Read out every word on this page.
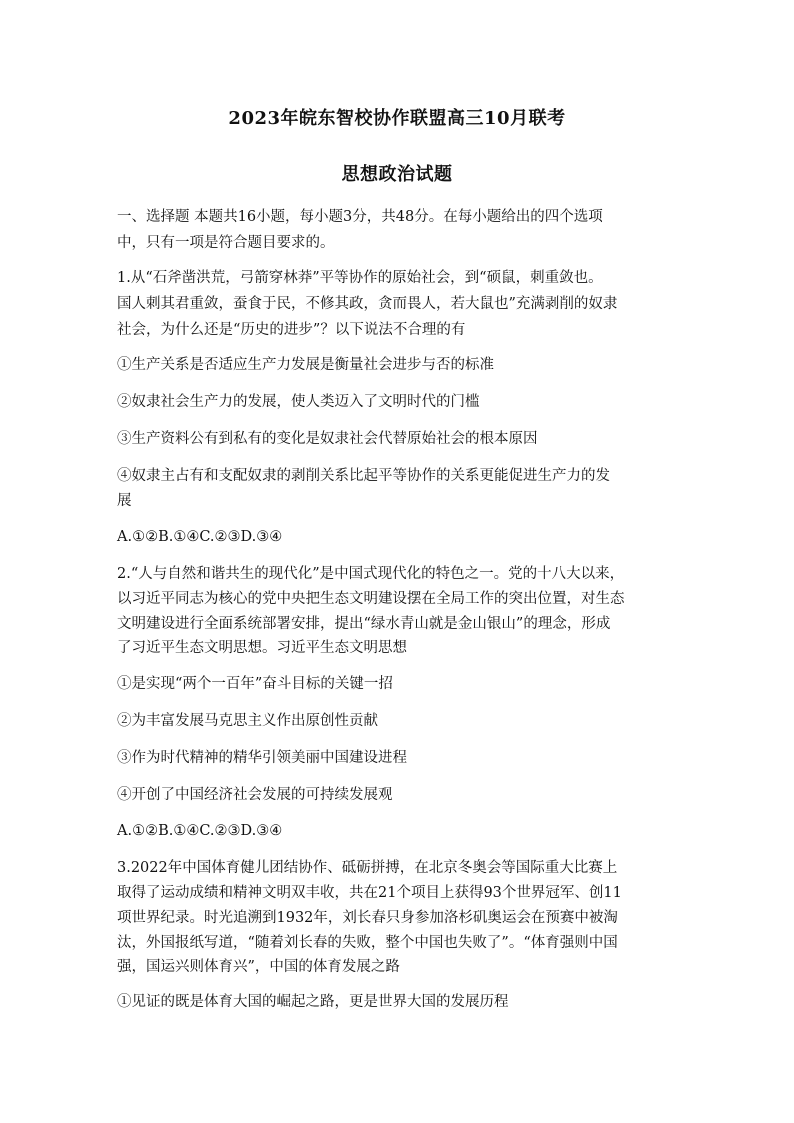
2023年皖东智校协作联盟高三10月联考
思想政治试题
一、选择题 本题共16小题，每小题3分，共48分。在每小题给出的四个选项
中，只有一项是符合题目要求的。
1.从“石斧凿洪荒，弓箭穿林莽”平等协作的原始社会，到“硕鼠，刺重敛也。
国人刺其君重敛，蚕食于民，不修其政，贪而畏人，若大鼠也”充满剥削的奴隶
社会，为什么还是“历史的进步”？以下说法不合理的有
①生产关系是否适应生产力发展是衡量社会进步与否的标准
②奴隶社会生产力的发展，使人类迈入了文明时代的门槛
③生产资料公有到私有的变化是奴隶社会代替原始社会的根本原因
④奴隶主占有和支配奴隶的剥削关系比起平等协作的关系更能促进生产力的发
展
A.①②B.①④C.②③D.③④
2.“人与自然和谐共生的现代化”是中国式现代化的特色之一。党的十八大以来，
以习近平同志为核心的党中央把生态文明建设摆在全局工作的突出位置，对生态
文明建设进行全面系统部署安排，提出“绿水青山就是金山银山”的理念，形成
了习近平生态文明思想。习近平生态文明思想
①是实现“两个一百年”奋斗目标的关键一招
②为丰富发展马克思主义作出原创性贡献
③作为时代精神的精华引领美丽中国建设进程
④开创了中国经济社会发展的可持续发展观
A.①②B.①④C.②③D.③④
3.2022年中国体育健儿团结协作、砥砺拼搏，在北京冬奥会等国际重大比赛上
取得了运动成绩和精神文明双丰收，共在21个项目上获得93个世界冠军、创11
项世界纪录。时光追溯到1932年，刘长春只身参加洛杉矶奥运会在预赛中被淘
汰，外国报纸写道，“随着刘长春的失败，整个中国也失败了”。“体育强则中国
强，国运兴则体育兴”，中国的体育发展之路
①见证的既是体育大国的崛起之路，更是世界大国的发展历程
